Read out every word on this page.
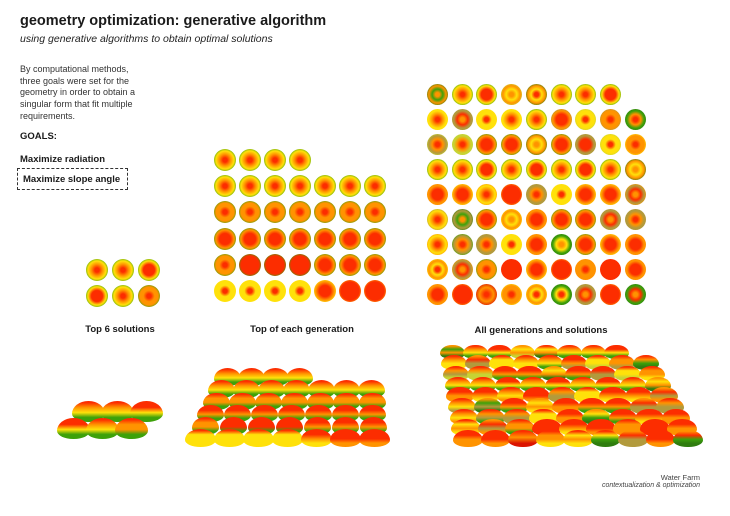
geometry optimization: generative algorithm
using generative algorithms to obtain optimal solutions
By computational methods, three goals were set for the geometry in order to obtain a singular form that fit multiple requirements.
GOALS:
Maximize radiation
Maximize slope angle
Top 6 solutions	Top of each generation	All generations and solutions
Water Farm
contextualization & optimization
